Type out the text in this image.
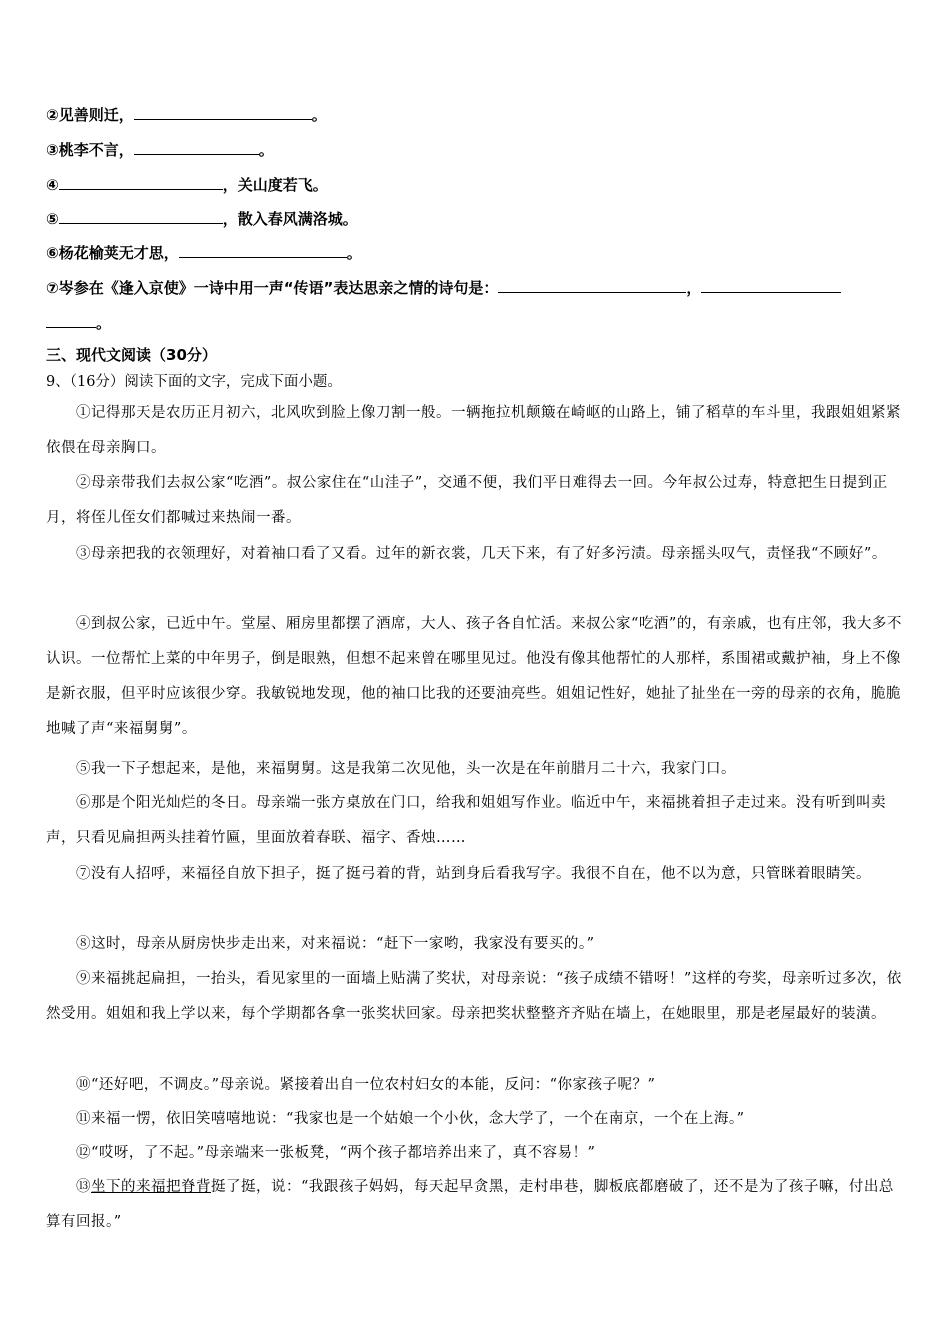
②见善则迁，	。
③桃李不言，	。
④	，关山度若飞。
⑤	，散入春风满洛城。
⑥杨花榆荚无才思，	。
⑦岑参在《逢入京使》一诗中用一声“传语”表达思亲之情的诗句是：	，
。
三、现代文阅读（30分）
9、（16分）阅读下面的文字，完成下面小题。

①记得那天是农历正月初六，北风吹到脸上像刀割一般。一辆拖拉机颠簸在崎岖的山路上，铺了稻草的车斗里，我跟姐姐紧紧依偎在母亲胸口。

②母亲带我们去叔公家“吃酒”。叔公家住在“山洼子”，交通不便，我们平日难得去一回。今年叔公过寿，特意把生日提到正月，将侄儿侄女们都喊过来热闹一番。

③母亲把我的衣领理好，对着袖口看了又看。过年的新衣裳，几天下来，有了好多污渍。母亲摇头叹气，责怪我“不顾好”。

④到叔公家，已近中午。堂屋、厢房里都摆了酒席，大人、孩子各自忙活。来叔公家“吃酒”的，有亲戚，也有庄邻，我大多不认识。一位帮忙上菜的中年男子，倒是眼熟，但想不起来曾在哪里见过。他没有像其他帮忙的人那样，系围裙或戴护袖，身上不像是新衣服，但平时应该很少穿。我敏锐地发现，他的袖口比我的还要油亮些。姐姐记性好，她扯了扯坐在一旁的母亲的衣角，脆脆地喊了声“来福舅舅”。

⑤我一下子想起来，是他，来福舅舅。这是我第二次见他，头一次是在年前腊月二十六，我家门口。

⑥那是个阳光灿烂的冬日。母亲端一张方桌放在门口，给我和姐姐写作业。临近中午，来福挑着担子走过来。没有听到叫卖声，只看见扁担两头挂着竹匾，里面放着春联、福字、香烛……

⑦没有人招呼，来福径自放下担子，挺了挺弓着的背，站到身后看我写字。我很不自在，他不以为意，只管眯着眼睛笑。

⑧这时，母亲从厨房快步走出来，对来福说：“赶下一家哟，我家没有要买的。”

⑨来福挑起扁担，一抬头，看见家里的一面墙上贴满了奖状，对母亲说：“孩子成绩不错呀！”这样的夸奖，母亲听过多次，依然受用。姐姐和我上学以来，每个学期都各拿一张奖状回家。母亲把奖状整整齐齐贴在墙上，在她眼里，那是老屋最好的装潢。

⑩“还好吧，不调皮。”母亲说。紧接着出自一位农村妇女的本能，反问：“你家孩子呢？”

⑪来福一愣，依旧笑嘻嘻地说：“我家也是一个姑娘一个小伙，念大学了，一个在南京，一个在上海。”

⑫“哎呀，了不起。”母亲端来一张板凳，“两个孩子都培养出来了，真不容易！”

⑬坐下的来福把脊背挺了挺，说：“我跟孩子妈妈，每天起早贪黑，走村串巷，脚板底都磨破了，还不是为了孩子嘛，付出总算有回报。”
